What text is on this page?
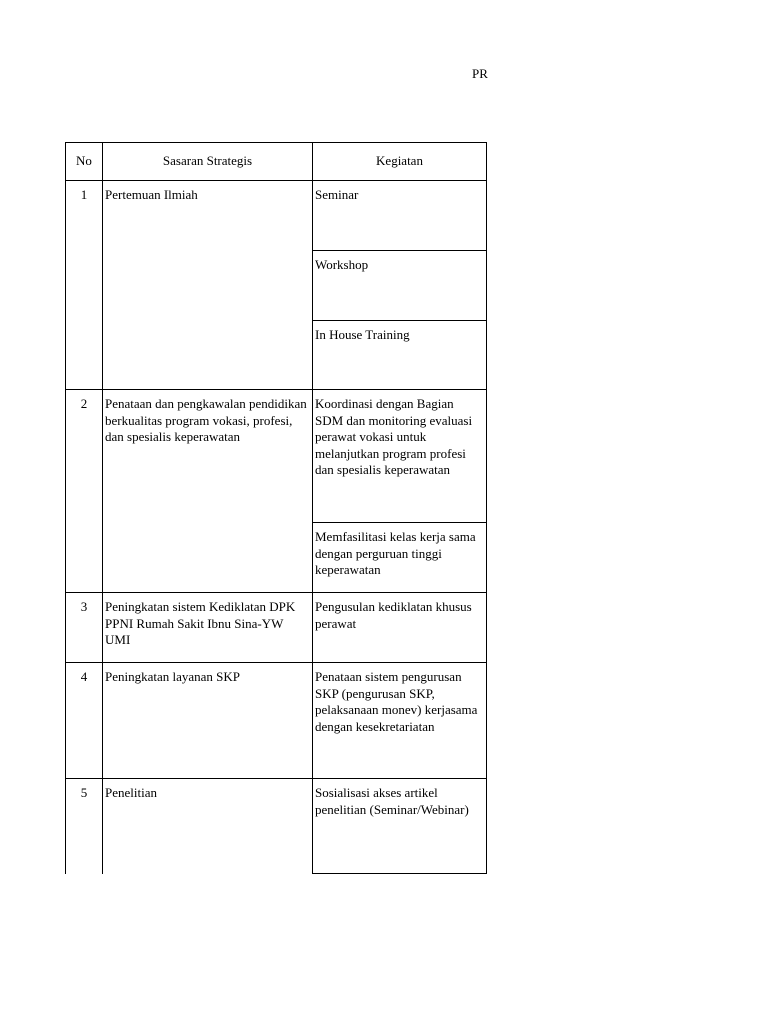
PR
No	Sasaran Strategis	Kegiatan
1	Pertemuan Ilmiah	Seminar
		Workshop
		In House Training
2	Penataan dan pengkawalan pendidikan berkualitas program vokasi, profesi, dan spesialis keperawatan	Koordinasi dengan Bagian SDM dan monitoring evaluasi perawat vokasi untuk melanjutkan program profesi dan spesialis keperawatan
		Memfasilitasi kelas kerja sama dengan perguruan tinggi keperawatan
3	Peningkatan sistem Kediklatan DPK PPNI Rumah Sakit Ibnu Sina-YW UMI	Pengusulan kediklatan khusus perawat
4	Peningkatan layanan SKP	Penataan sistem pengurusan SKP (pengurusan SKP, pelaksanaan monev) kerjasama dengan kesekretariatan
5	Penelitian	Sosialisasi akses artikel penelitian (Seminar/Webinar)
